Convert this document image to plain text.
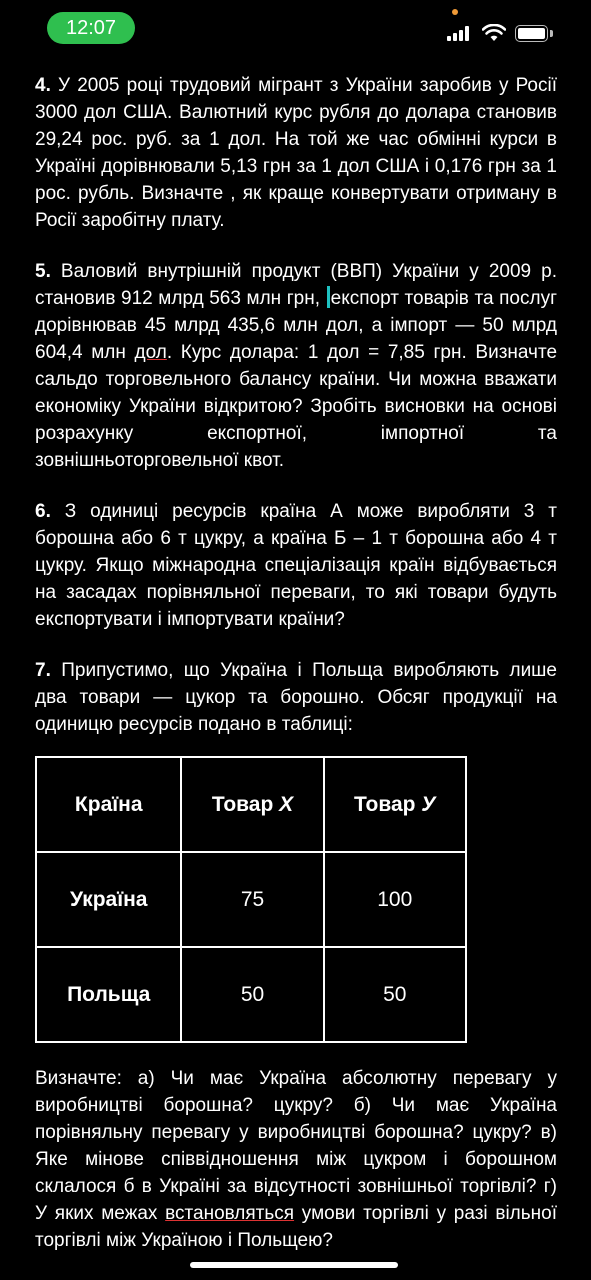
12:07

4. У 2005 році трудовий мігрант з України заробив у Росії 3000 дол США. Валютний курс рубля до долара становив 29,24 рос. руб. за 1 дол. На той же час обмінні курси в Україні дорівнювали 5,13 грн за 1 дол США і 0,176 грн за 1 рос. рубль. Визначте , як краще конвертувати отриману в Росії заробітну плату.

5. Валовий внутрішній продукт (ВВП) України у 2009 р. становив 912 млрд 563 млн грн, експорт товарів та послуг дорівнював 45 млрд 435,6 млн дол, а імпорт — 50 млрд 604,4 млн дол. Курс долара: 1 дол = 7,85 грн. Визначте сальдо торговельного балансу країни. Чи можна вважати економіку України відкритою? Зробіть висновки на основі розрахунку експортної, імпортної та зовнішньоторговельної квот.

6. З одиниці ресурсів країна А може виробляти 3 т борошна або 6 т цукру, а країна Б – 1 т борошна або 4 т цукру. Якщо міжнародна спеціалізація країн відбувається на засадах порівняльної переваги, то які товари будуть експортувати і імпортувати країни?

7. Припустимо, що Україна і Польща виробляють лише два товари — цукор та борошно. Обсяг продукції на одиницю ресурсів подано в таблиці:

Країна	Товар X	Товар У
Україна	75	100
Польща	50	50

Визначте: а) Чи має Україна абсолютну перевагу у виробництві борошна? цукру? б) Чи має Україна порівняльну перевагу у виробництві борошна? цукру? в) Яке мінове співвідношення між цукром і борошном склалося б в Україні за відсутності зовнішньої торгівлі? г) У яких межах встановляться умови торгівлі у разі вільної торгівлі між Україною і Польщею?
